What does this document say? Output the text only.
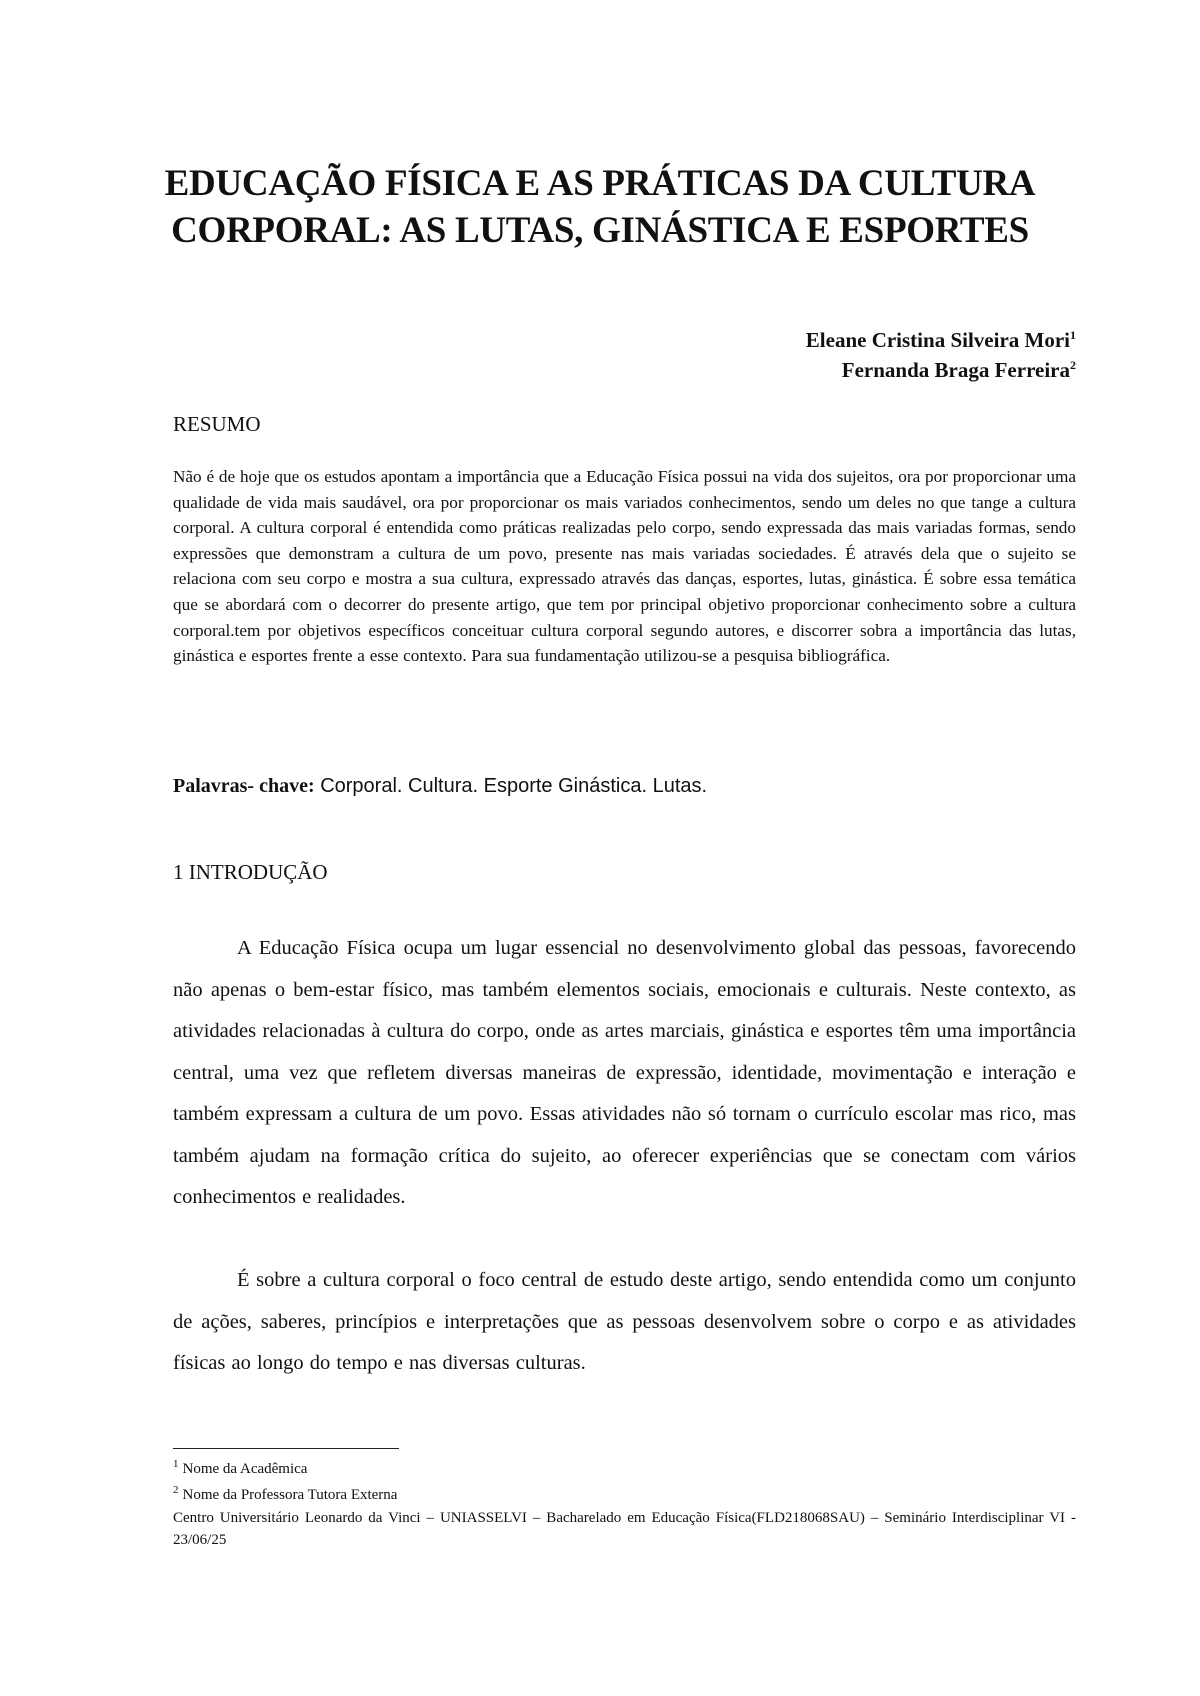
EDUCAÇÃO FÍSICA E AS PRÁTICAS DA CULTURA CORPORAL: AS LUTAS, GINÁSTICA E ESPORTES
Eleane Cristina Silveira Mori$^1$
Fernanda Braga Ferreira$^2$
RESUMO

Não é de hoje que os estudos apontam a importância que a Educação Física possui na vida dos sujeitos, ora por proporcionar uma qualidade de vida mais saudável, ora por proporcionar os mais variados conhecimentos, sendo um deles no que tange a cultura corporal. A cultura corporal é entendida como práticas realizadas pelo corpo, sendo expressada das mais variadas formas, sendo expressões que demonstram a cultura de um povo, presente nas mais variadas sociedades. É através dela que o sujeito se relaciona com seu corpo e mostra a sua cultura, expressado através das danças, esportes, lutas, ginástica. É sobre essa temática que se abordará com o decorrer do presente artigo, que tem por principal objetivo proporcionar conhecimento sobre a cultura corporal.tem por objetivos específicos conceituar cultura corporal segundo autores, e discorrer sobra a importância das lutas, ginástica e esportes frente a esse contexto. Para sua fundamentação utilizou-se a pesquisa bibliográfica.

Palavras- chave: Corporal. Cultura. Esporte Ginástica. Lutas.
1 INTRODUÇÃO

A Educação Física ocupa um lugar essencial no desenvolvimento global das pessoas, favorecendo não apenas o bem-estar físico, mas também elementos sociais, emocionais e culturais. Neste contexto, as atividades relacionadas à cultura do corpo, onde as artes marciais, ginástica e esportes têm uma importância central, uma vez que refletem diversas maneiras de expressão, identidade, movimentação e interação e também expressam a cultura de um povo. Essas atividades não só tornam o currículo escolar mas rico, mas também ajudam na formação crítica do sujeito, ao oferecer experiências que se conectam com vários conhecimentos e realidades.

É sobre a cultura corporal o foco central de estudo deste artigo, sendo entendida como um conjunto de ações, saberes, princípios e interpretações que as pessoas desenvolvem sobre o corpo e as atividades físicas ao longo do tempo e nas diversas culturas.

$^1$ Nome da Acadêmica
$^2$ Nome da Professora Tutora Externa

Centro Universitário Leonardo da Vinci – UNIASSELVI – Bacharelado em Educação Física(FLD218068SAU) – Seminário Interdisciplinar VI - 23/06/25
